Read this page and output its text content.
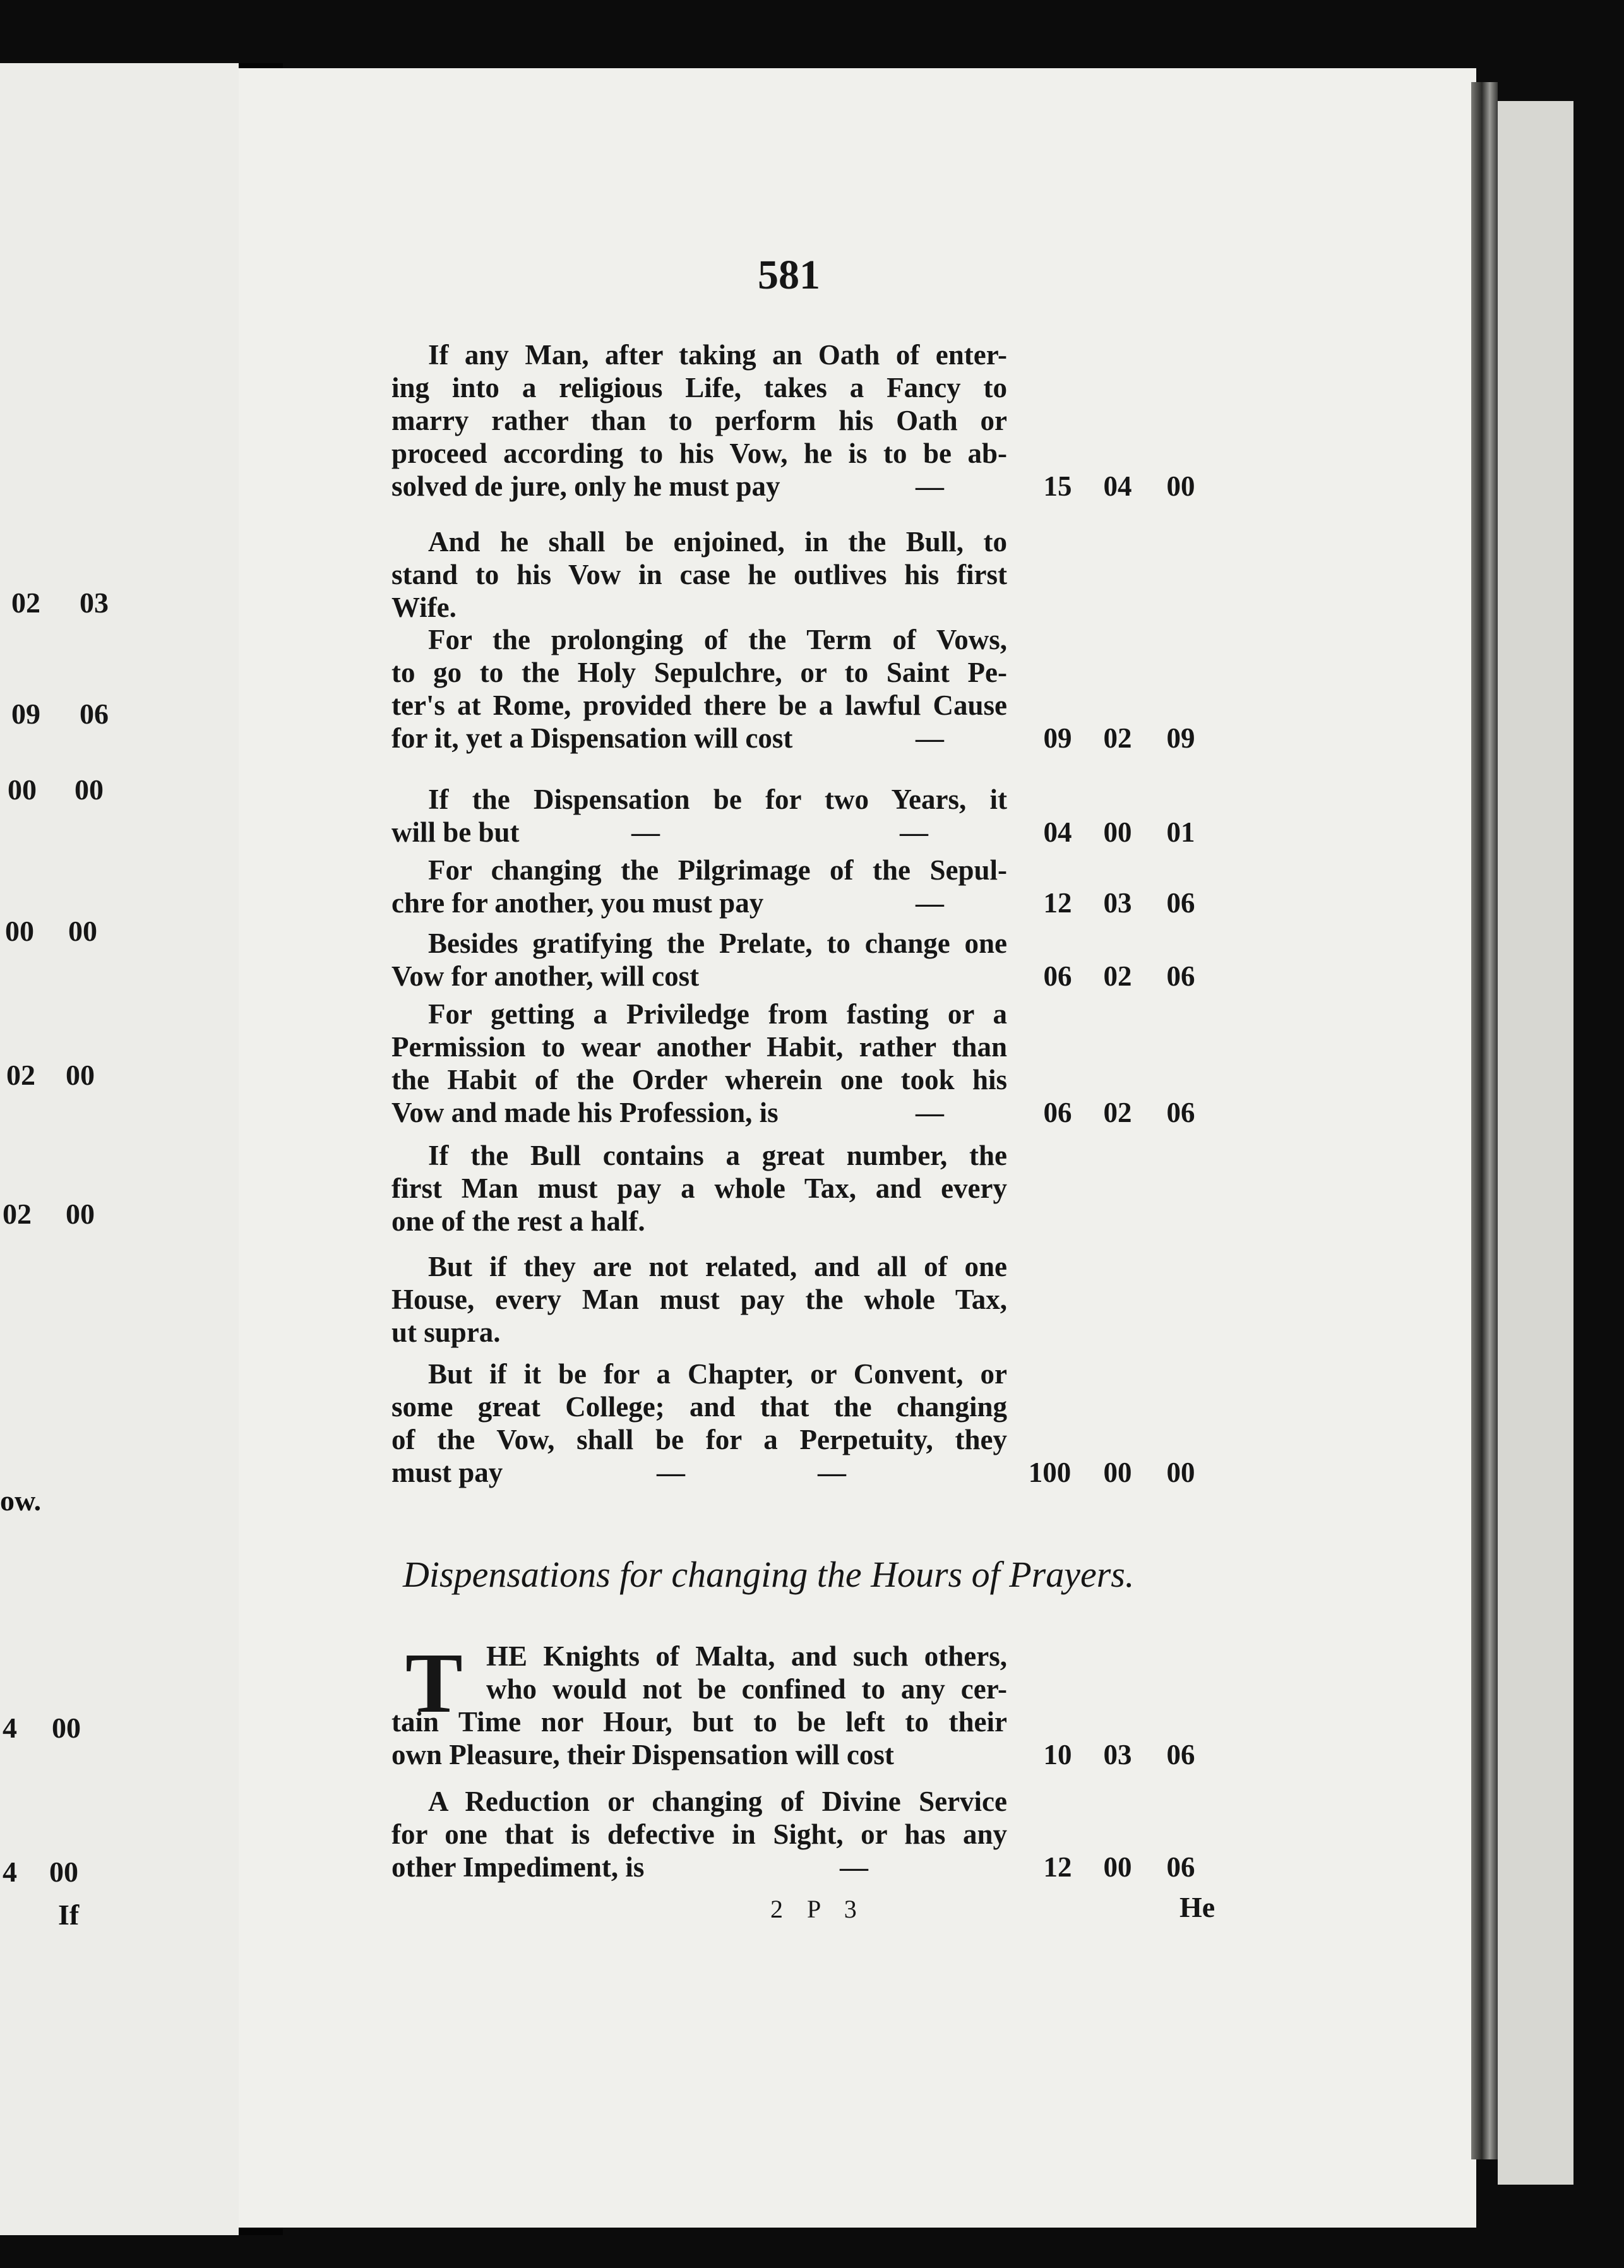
02 03
09 06
00 00
00 00
02 00
02 00
ow.
4 00
4 00
If
581
If any Man, after taking an Oath of enter-
ing into a religious Life, takes a Fancy to
marry rather than to perform his Oath or
proceed according to his Vow, he is to be ab-
solved de jure, only he must pay	15 04 00
—
And he shall be enjoined, in the Bull, to
stand to his Vow in case he outlives his first
Wife.
For the prolonging of the Term of Vows,
to go to the Holy Sepulchre, or to Saint Pe-
ter's at Rome, provided there be a lawful Cause
for it, yet a Dispensation will cost	09 02 09
—
If the Dispensation be for two Years, it
will be but	04 00 01
—	—
For changing the Pilgrimage of the Sepul-
chre for another, you must pay	12 03 06
—
Besides gratifying the Prelate, to change one
Vow for another, will cost	06 02 06
For getting a Priviledge from fasting or a
Permission to wear another Habit, rather than
the Habit of the Order wherein one took his
Vow and made his Profession, is	06 02 06
—
If the Bull contains a great number, the
first Man must pay a whole Tax, and every
one of the rest a half.
But if they are not related, and all of one
House, every Man must pay the whole Tax,
ut supra.
But if it be for a Chapter, or Convent, or
some great College; and that the changing
of the Vow, shall be for a Perpetuity, they
must pay	100	00 00
—	—
HE Knights of Malta, and such others,
who would not be confined to any cer-
tain Time nor Hour, but to be left to their
own Pleasure, their Dispensation will cost	10 03 06
A Reduction or changing of Divine Service
for one that is defective in Sight, or has any
other Impediment, is	12 00 06
—
Dispensations for changing the Hours of Prayers.
T
2 P 3	He
